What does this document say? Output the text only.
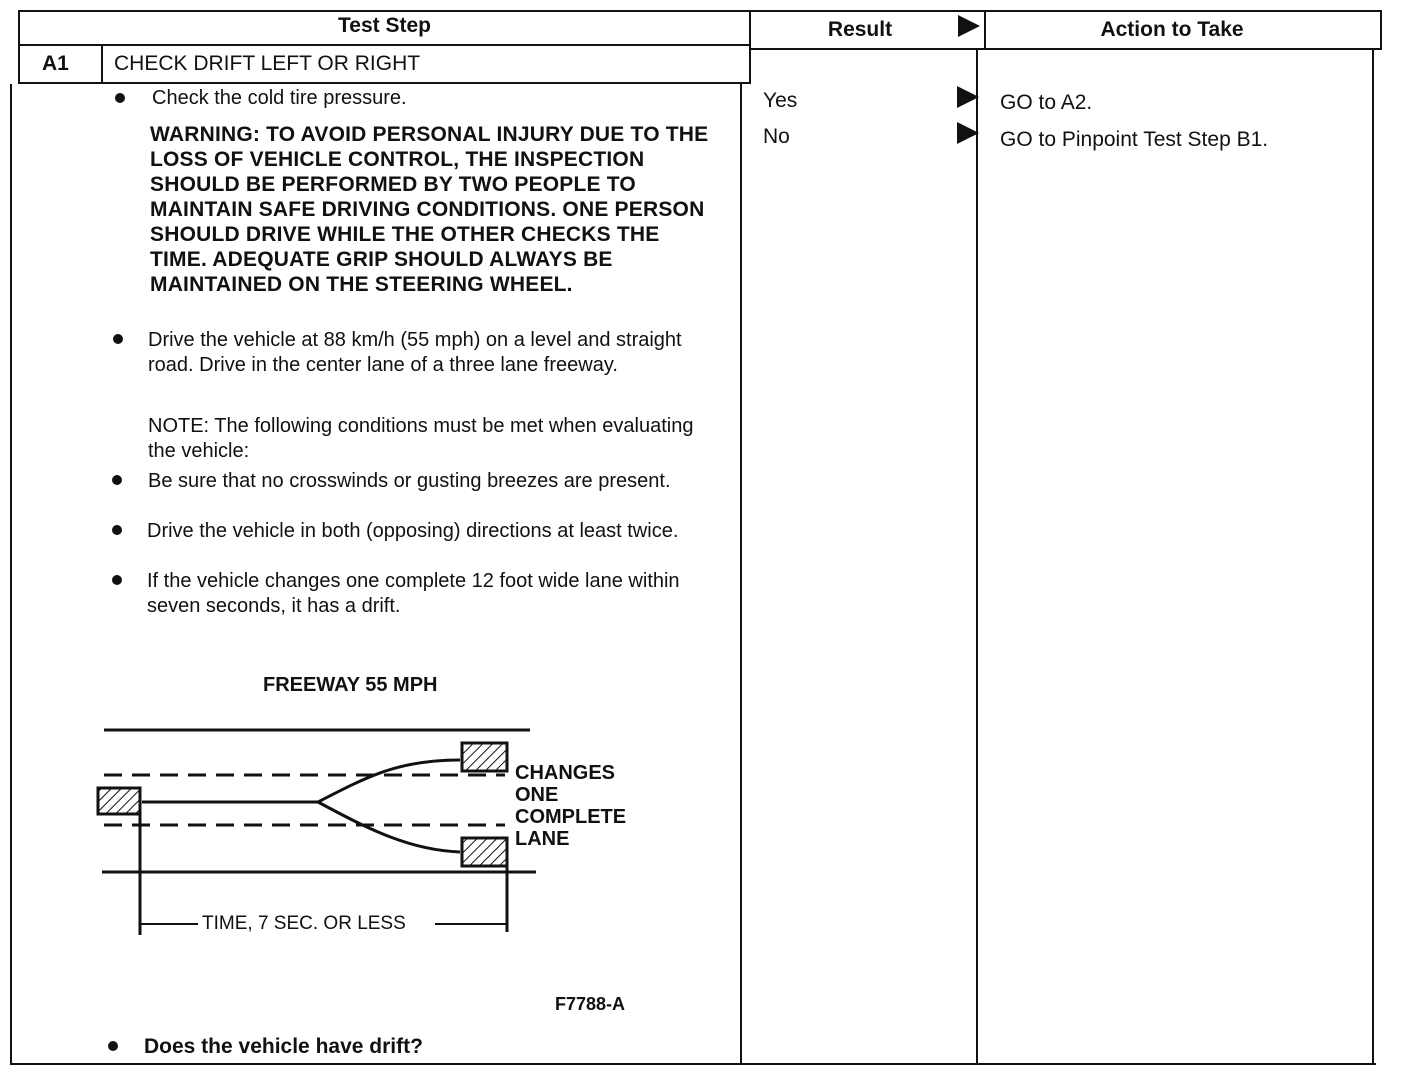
Test Step	Result	Action to Take
A1 CHECK DRIFT LEFT OR RIGHT
Check the cold tire pressure.
WARNING: TO AVOID PERSONAL INJURY DUE TO THE LOSS OF VEHICLE CONTROL, THE INSPECTION SHOULD BE PERFORMED BY TWO PEOPLE TO MAINTAIN SAFE DRIVING CONDITIONS. ONE PERSON SHOULD DRIVE WHILE THE OTHER CHECKS THE TIME. ADEQUATE GRIP SHOULD ALWAYS BE MAINTAINED ON THE STEERING WHEEL.
Drive the vehicle at 88 km/h (55 mph) on a level and straight road. Drive in the center lane of a three lane freeway.
NOTE: The following conditions must be met when evaluating the vehicle:
Be sure that no crosswinds or gusting breezes are present.
Drive the vehicle in both (opposing) directions at least twice.
If the vehicle changes one complete 12 foot wide lane within seven seconds, it has a drift.
FREEWAY 55 MPH
CHANGES
ONE
COMPLETE
LANE
TIME, 7 SEC. OR LESS
F7788-A
Does the vehicle have drift?
Yes	GO to A2.
No	GO to Pinpoint Test Step B1.
